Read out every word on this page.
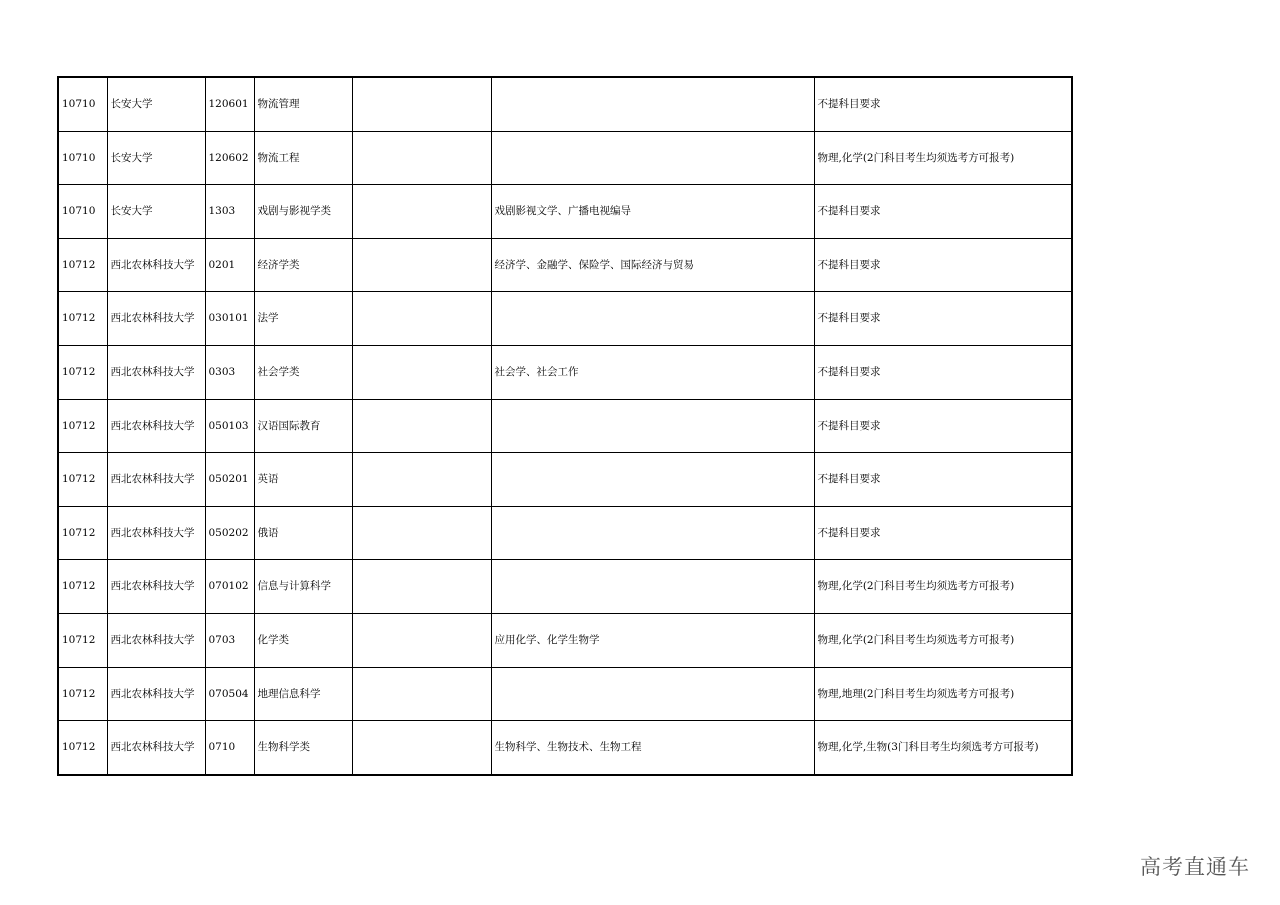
10710	长安大学	120601	物流管理			不提科目要求
10710	长安大学	120602	物流工程			物理,化学(2门科目考生均须选考方可报考)
10710	长安大学	1303	戏剧与影视学类		戏剧影视文学、广播电视编导	不提科目要求
10712	西北农林科技大学	0201	经济学类		经济学、金融学、保险学、国际经济与贸易	不提科目要求
10712	西北农林科技大学	030101	法学			不提科目要求
10712	西北农林科技大学	0303	社会学类		社会学、社会工作	不提科目要求
10712	西北农林科技大学	050103	汉语国际教育			不提科目要求
10712	西北农林科技大学	050201	英语			不提科目要求
10712	西北农林科技大学	050202	俄语			不提科目要求
10712	西北农林科技大学	070102	信息与计算科学			物理,化学(2门科目考生均须选考方可报考)
10712	西北农林科技大学	0703	化学类		应用化学、化学生物学	物理,化学(2门科目考生均须选考方可报考)
10712	西北农林科技大学	070504	地理信息科学			物理,地理(2门科目考生均须选考方可报考)
10712	西北农林科技大学	0710	生物科学类		生物科学、生物技术、生物工程	物理,化学,生物(3门科目考生均须选考方可报考)
高考直通车
